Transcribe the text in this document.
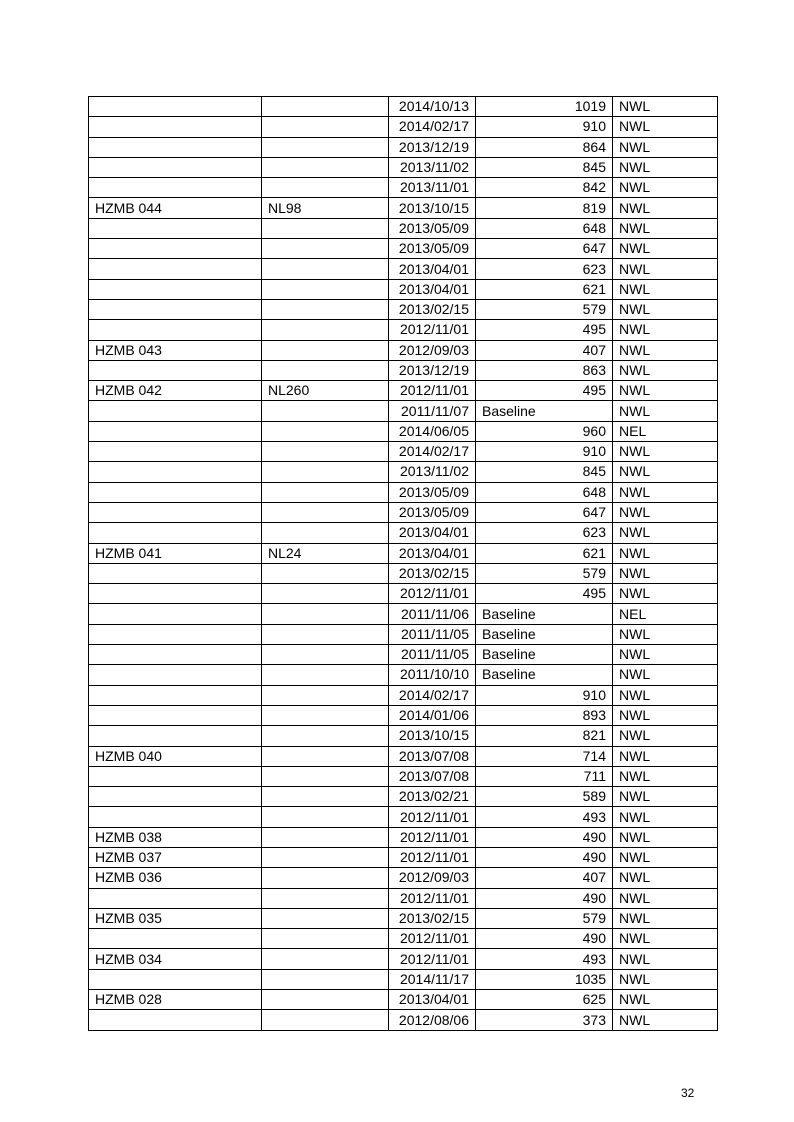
		2014/10/13	1019	NWL
		2014/02/17	910	NWL
		2013/12/19	864	NWL
		2013/11/02	845	NWL
		2013/11/01	842	NWL
HZMB 044	NL98	2013/10/15	819	NWL
		2013/05/09	648	NWL
		2013/05/09	647	NWL
		2013/04/01	623	NWL
		2013/04/01	621	NWL
		2013/02/15	579	NWL
		2012/11/01	495	NWL
HZMB 043		2012/09/03	407	NWL
		2013/12/19	863	NWL
HZMB 042	NL260	2012/11/01	495	NWL
		2011/11/07	Baseline	NWL
		2014/06/05	960	NEL
		2014/02/17	910	NWL
		2013/11/02	845	NWL
		2013/05/09	648	NWL
		2013/05/09	647	NWL
		2013/04/01	623	NWL
HZMB 041	NL24	2013/04/01	621	NWL
		2013/02/15	579	NWL
		2012/11/01	495	NWL
		2011/11/06	Baseline	NEL
		2011/11/05	Baseline	NWL
		2011/11/05	Baseline	NWL
		2011/10/10	Baseline	NWL
		2014/02/17	910	NWL
		2014/01/06	893	NWL
		2013/10/15	821	NWL
HZMB 040		2013/07/08	714	NWL
		2013/07/08	711	NWL
		2013/02/21	589	NWL
		2012/11/01	493	NWL
HZMB 038		2012/11/01	490	NWL
HZMB 037		2012/11/01	490	NWL
HZMB 036		2012/09/03	407	NWL
		2012/11/01	490	NWL
HZMB 035		2013/02/15	579	NWL
		2012/11/01	490	NWL
HZMB 034		2012/11/01	493	NWL
		2014/11/17	1035	NWL
HZMB 028		2013/04/01	625	NWL
		2012/08/06	373	NWL
32
